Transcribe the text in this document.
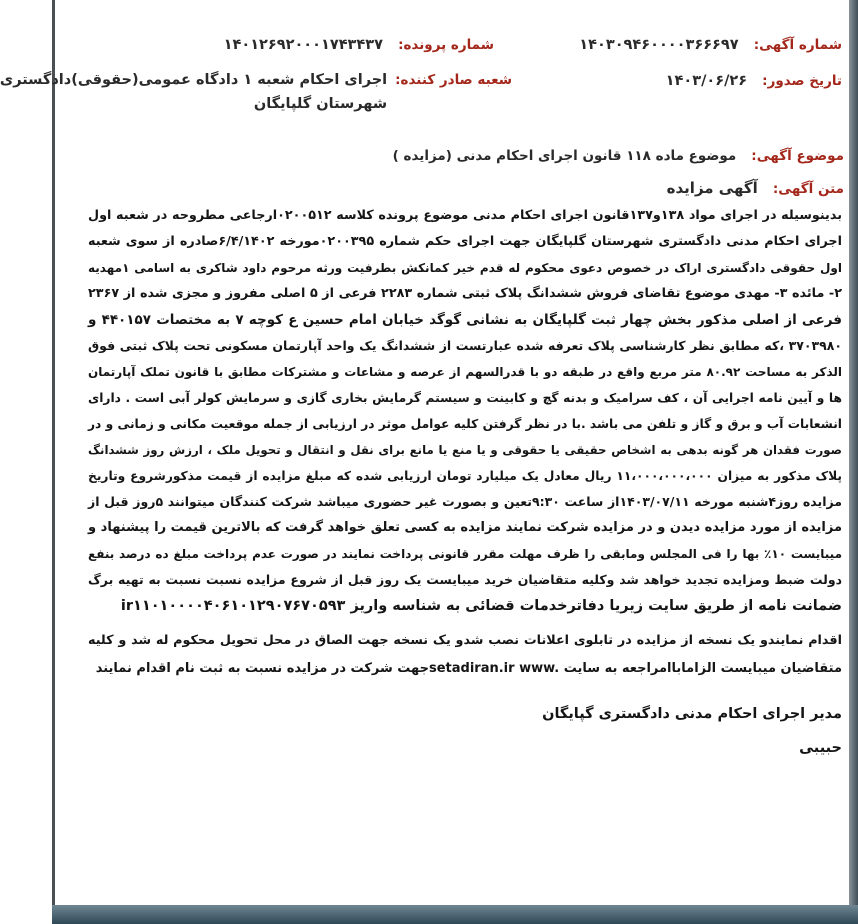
شماره آگهی: ۱۴۰۳۰۹۴۶۰۰۰۰۳۶۶۶۹۷
شماره پرونده: ۱۴۰۱۲۶۹۲۰۰۰۱۷۴۳۴۳۷
تاریخ صدور: ۱۴۰۳/۰۶/۲۶
شعبه صادر کننده:
اجرای احکام شعبه ۱ دادگاه عمومی(حقوقی)دادگستری
شهرستان گلپایگان
موضوع آگهی: موضوع ماده ۱۱۸ قانون اجرای احکام مدنی (مزایده )
متن آگهی: آگهی مزایده
بدینوسیله در اجرای مواد ۱۳۸و۱۳۷قانون اجرای احکام مدنی موضوع پرونده کلاسه ۰۲۰۰۵۱۲ارجاعی مطروحه در شعبه اول
اجرای احکام مدنی دادگستری شهرستان گلپایگان جهت اجرای حکم شماره ۰۲۰۰۳۹۵مورخه ۶/۴/۱۴۰۲صادره از سوی شعبه
اول حقوقی دادگستری اراک در خصوص دعوی محکوم له قدم خیر کمانکش بطرفیت ورثه مرحوم داود شاکری به اسامی ۱مهدیه
۲- مائده ۳- مهدی موضوع تقاضای فروش ششدانگ پلاک ثبتی شماره ۲۲۸۳ فرعی از ۵ اصلی مفروز و مجزی شده از ۲۳۶۷
فرعی از اصلی مذکور بخش چهار ثبت گلپایگان به نشانی گوگد خیابان امام حسین ع کوچه ۷ به مختصات ۴۴۰۱۵۷ و
۳۷۰۳۹۸۰ ،که مطابق نظر کارشناسی پلاک تعرفه شده عبارتست از ششدانگ یک واحد آپارتمان مسکونی تحت پلاک ثبتی فوق
الذکر به مساحت ۸۰.۹۲ متر مربع واقع در طبقه دو با قدرالسهم از عرصه و مشاعات و مشترکات مطابق با قانون تملک آپارتمان
ها و آیین نامه اجرایی آن ، کف سرامیک و بدنه گچ و کابینت و سیستم گرمایش بخاری گازی و سرمایش کولر آبی است . دارای
انشعابات آب و برق و گاز و تلفن می باشد .با در نظر گرفتن کلیه عوامل موثر در ارزیابی از جمله موقعیت مکانی و زمانی و در
صورت فقدان هر گونه بدهی به اشخاص حقیقی یا حقوقی و یا منع یا مانع برای نقل و انتقال و تحویل ملک ، ارزش روز ششدانگ
پلاک مذکور به میزان ۱۱،۰۰۰،۰۰۰،۰۰۰ ریال معادل یک میلیارد تومان ارزیابی شده که مبلغ مزایده از قیمت مذکورشروع وتاریخ
مزایده روز۴شنبه مورخه ۱۴۰۳/۰۷/۱۱از ساعت ۹:۳۰تعین و بصورت غیر حضوری میباشد شرکت کنندگان میتوانند ۵روز قبل از
مزایده از مورد مزایده دیدن و در مزایده شرکت نمایند مزایده به کسی تعلق خواهد گرفت که بالاترین قیمت را پیشنهاد و
میبایست ۱۰٪ بها را فی المجلس ومابقی را ظرف مهلت مقرر قانونی پرداخت نمایند در صورت عدم پرداخت مبلغ ده درصد بنفع
دولت ضبط ومزایده تجدید خواهد شد وکلیه متقاضیان خرید میبایست یک روز قبل از شروع مزایده نسبت نسبت به تهیه برگ
ضمانت نامه از طریق سایت زیریا دفاترخدمات قضائی به شناسه واریز ir۱۱۰۱۰۰۰۰۴۰۶۱۰۱۲۹۰۷۶۷۰۵۹۳
اقدام نمایندو یک نسخه از مزایده در تابلوی اعلانات نصب شدو یک نسخه جهت الصاق در محل تحویل محکوم له شد و کلیه
متقاضیان میبایست الزاماباامراجعه به سایت setadiran.ir www.جهت شرکت در مزایده نسبت به ثبت نام اقدام نمایند
مدیر اجرای احکام مدنی دادگستری گپایگان
حبیبی
